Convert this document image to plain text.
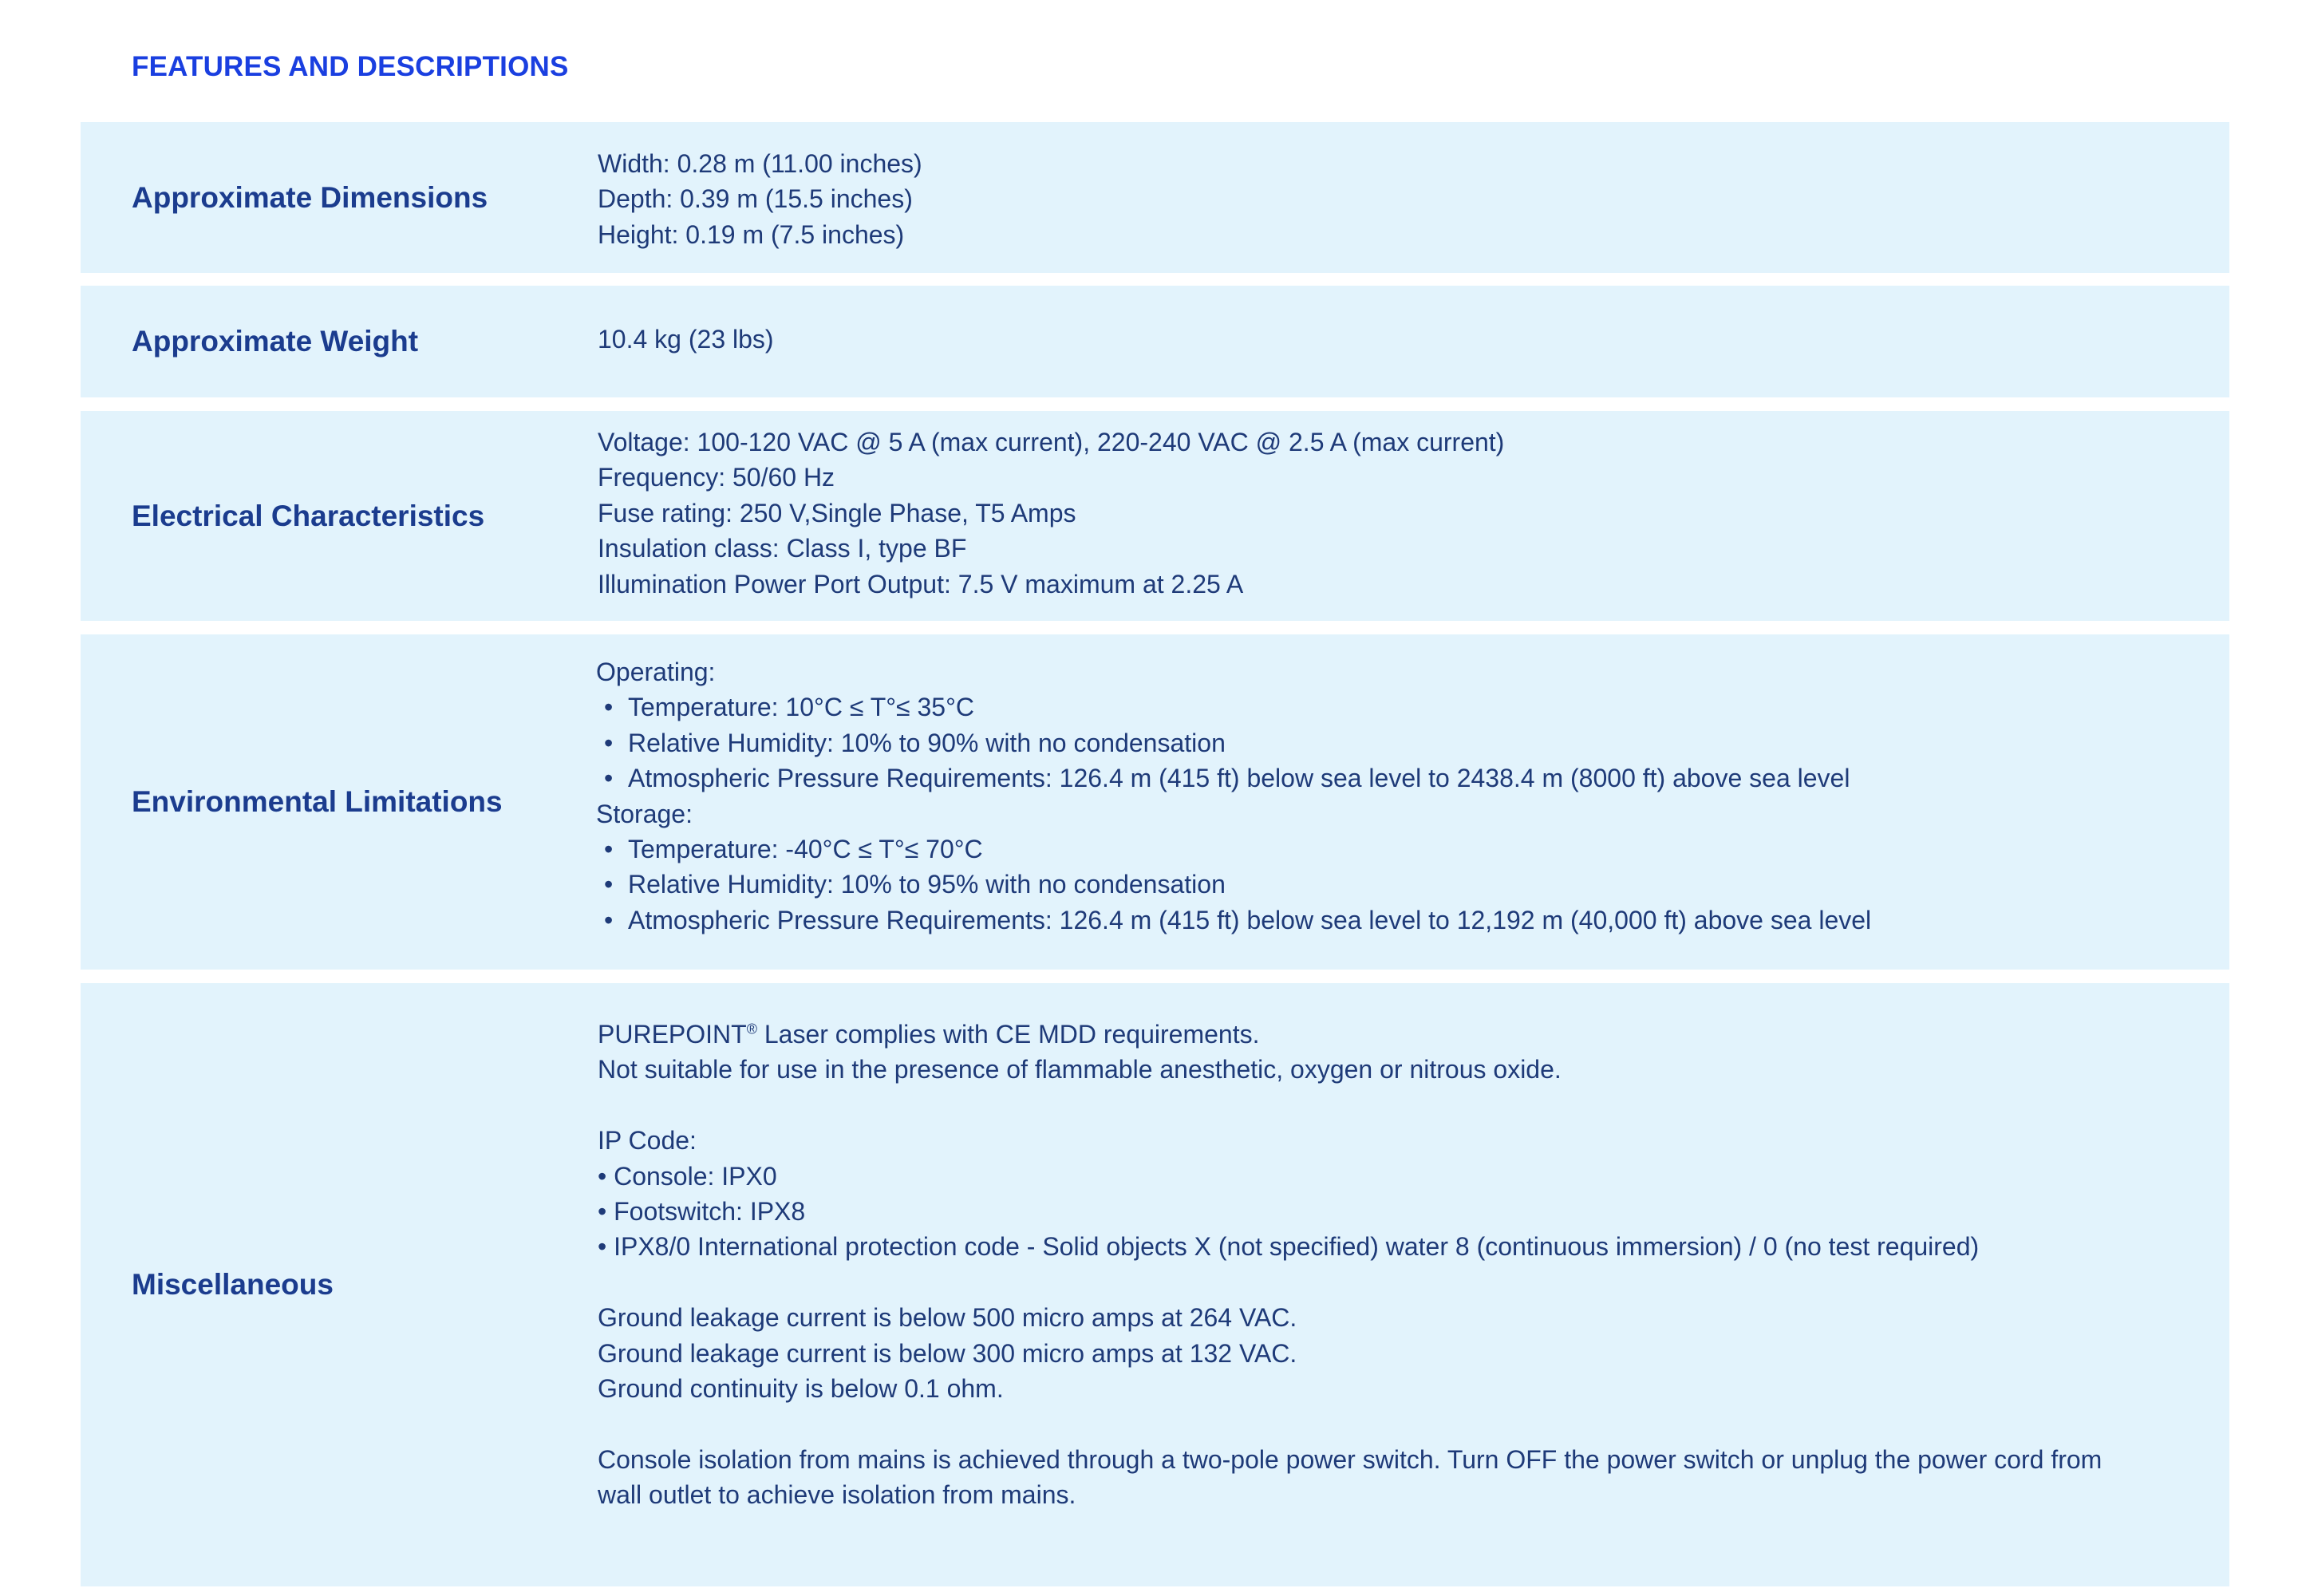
FEATURES AND DESCRIPTIONS
Approximate Dimensions
Width: 0.28 m (11.00 inches)
Depth: 0.39 m (15.5 inches)
Height: 0.19 m (7.5 inches)
Approximate Weight	10.4 kg (23 lbs)
Electrical Characteristics
Voltage: 100-120 VAC @ 5 A (max current), 220-240 VAC @ 2.5 A (max current)
Frequency: 50/60 Hz
Fuse rating: 250 V,Single Phase, T5 Amps
Insulation class: Class I, type BF
Illumination Power Port Output: 7.5 V maximum at 2.25 A
Environmental Limitations
Operating:
• Temperature: 10°C ≤ T°≤ 35°C
• Relative Humidity: 10% to 90% with no condensation
• Atmospheric Pressure Requirements: 126.4 m (415 ft) below sea level to 2438.4 m (8000 ft) above sea level
Storage:
• Temperature: -40°C ≤ T°≤ 70°C
• Relative Humidity: 10% to 95% with no condensation
• Atmospheric Pressure Requirements: 126.4 m (415 ft) below sea level to 12,192 m (40,000 ft) above sea level
Miscellaneous
PUREPOINT® Laser complies with CE MDD requirements.
Not suitable for use in the presence of flammable anesthetic, oxygen or nitrous oxide.
IP Code:
• Console: IPX0
• Footswitch: IPX8
• IPX8/0 International protection code - Solid objects X (not specified) water 8 (continuous immersion) / 0 (no test required)
Ground leakage current is below 500 micro amps at 264 VAC.
Ground leakage current is below 300 micro amps at 132 VAC.
Ground continuity is below 0.1 ohm.
Console isolation from mains is achieved through a two-pole power switch. Turn OFF the power switch or unplug the power cord from wall outlet to achieve isolation from mains.
